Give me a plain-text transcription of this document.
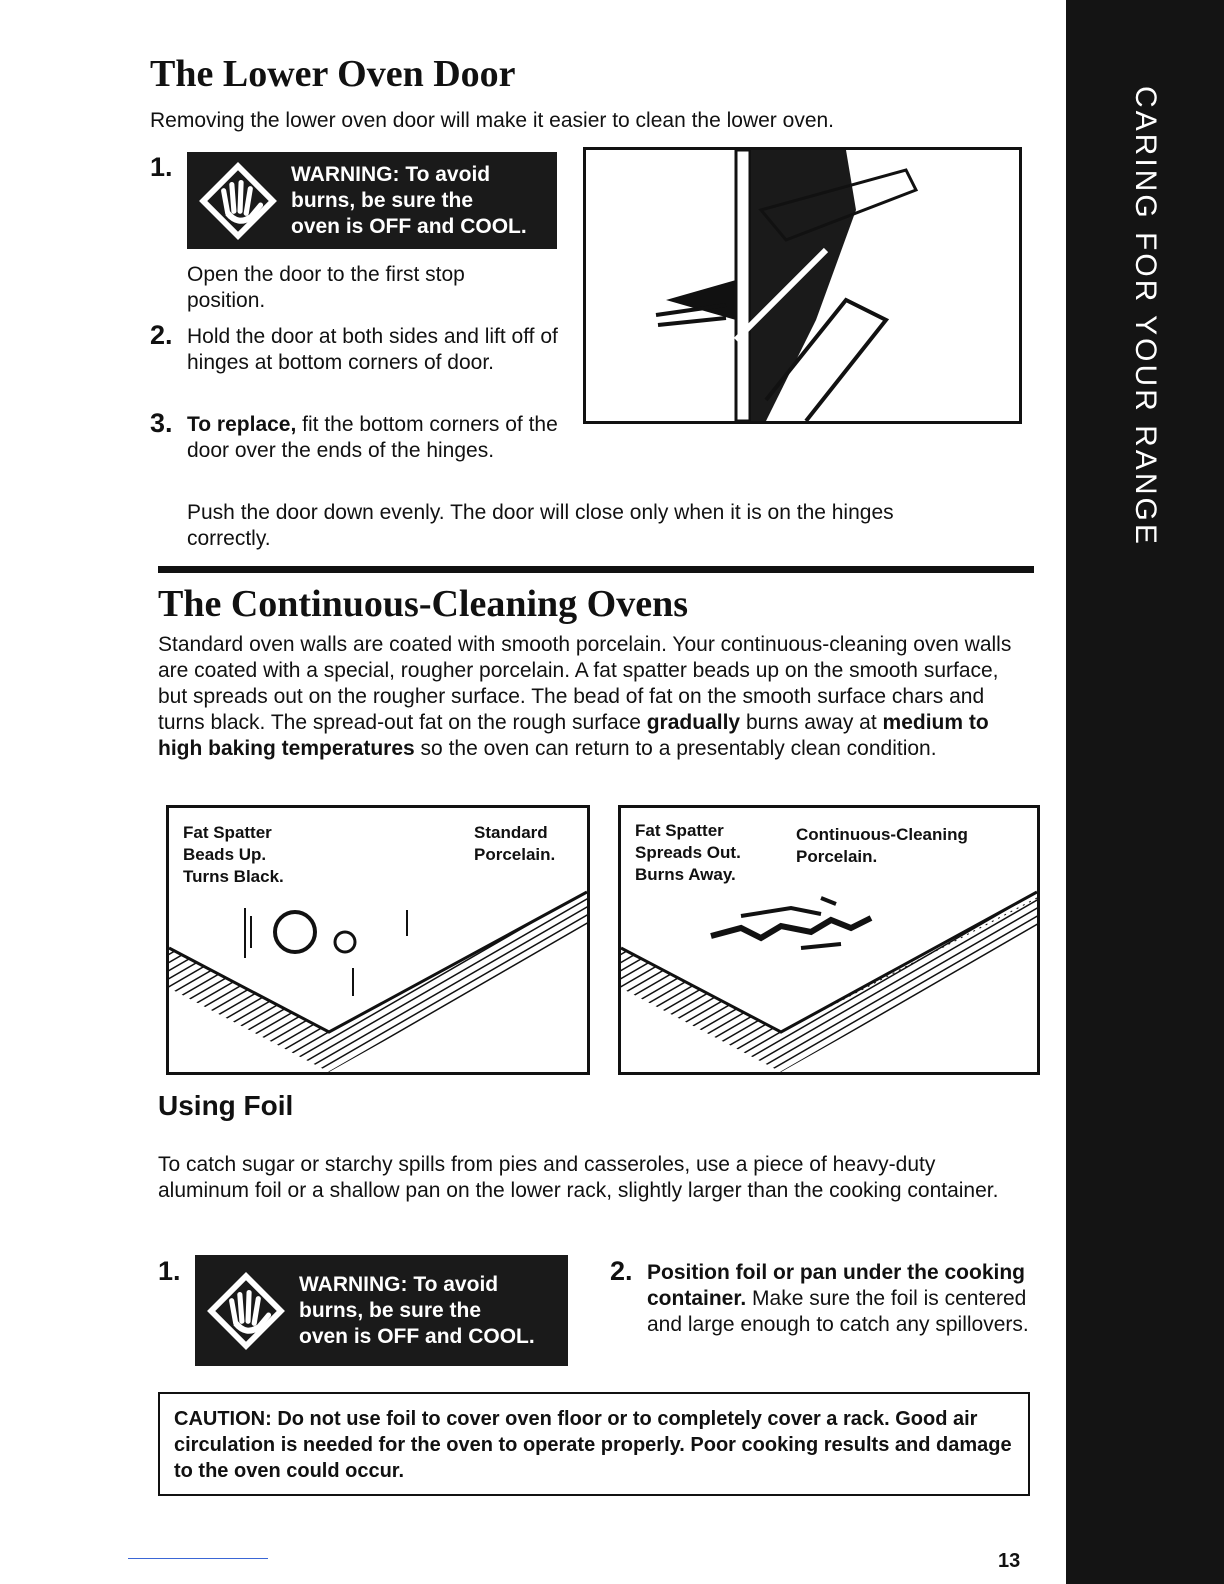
CARING FOR YOUR RANGE
The Lower Oven Door
Removing the lower oven door will make it easier to clean the lower oven.
1.	WARNING: To avoid
burns, be sure the
oven is OFF and COOL.
Open the door to the first stop position.
2. Hold the door at both sides and lift off of hinges at bottom corners of door.
3. To replace, fit the bottom corners of the door over the ends of the hinges.
Push the door down evenly. The door will close only when it is on the hinges correctly.
The Continuous-Cleaning Ovens
Standard oven walls are coated with smooth porcelain. Your continuous-cleaning oven walls are coated with a special, rougher porcelain. A fat spatter beads up on the smooth surface, but spreads out on the rougher surface. The bead of fat on the smooth surface chars and turns black. The spread-out fat on the rough surface gradually burns away at medium to high baking temperatures so the oven can return to a presentably clean condition.
Fat Spatter
Beads Up.
Turns Black.
Standard
Porcelain.
Fat Spatter
Spreads Out.
Burns Away.
Continuous-Cleaning
Porcelain.
Using Foil
To catch sugar or starchy spills from pies and casseroles, use a piece of heavy-duty aluminum foil or a shallow pan on the lower rack, slightly larger than the cooking container.
1.	WARNING: To avoid
burns, be sure the
oven is OFF and COOL.
2. Position foil or pan under the cooking container. Make sure the foil is centered and large enough to catch any spillovers.
CAUTION: Do not use foil to cover oven floor or to completely cover a rack. Good air circulation is needed for the oven to operate properly. Poor cooking results and damage to the oven could occur.
13
